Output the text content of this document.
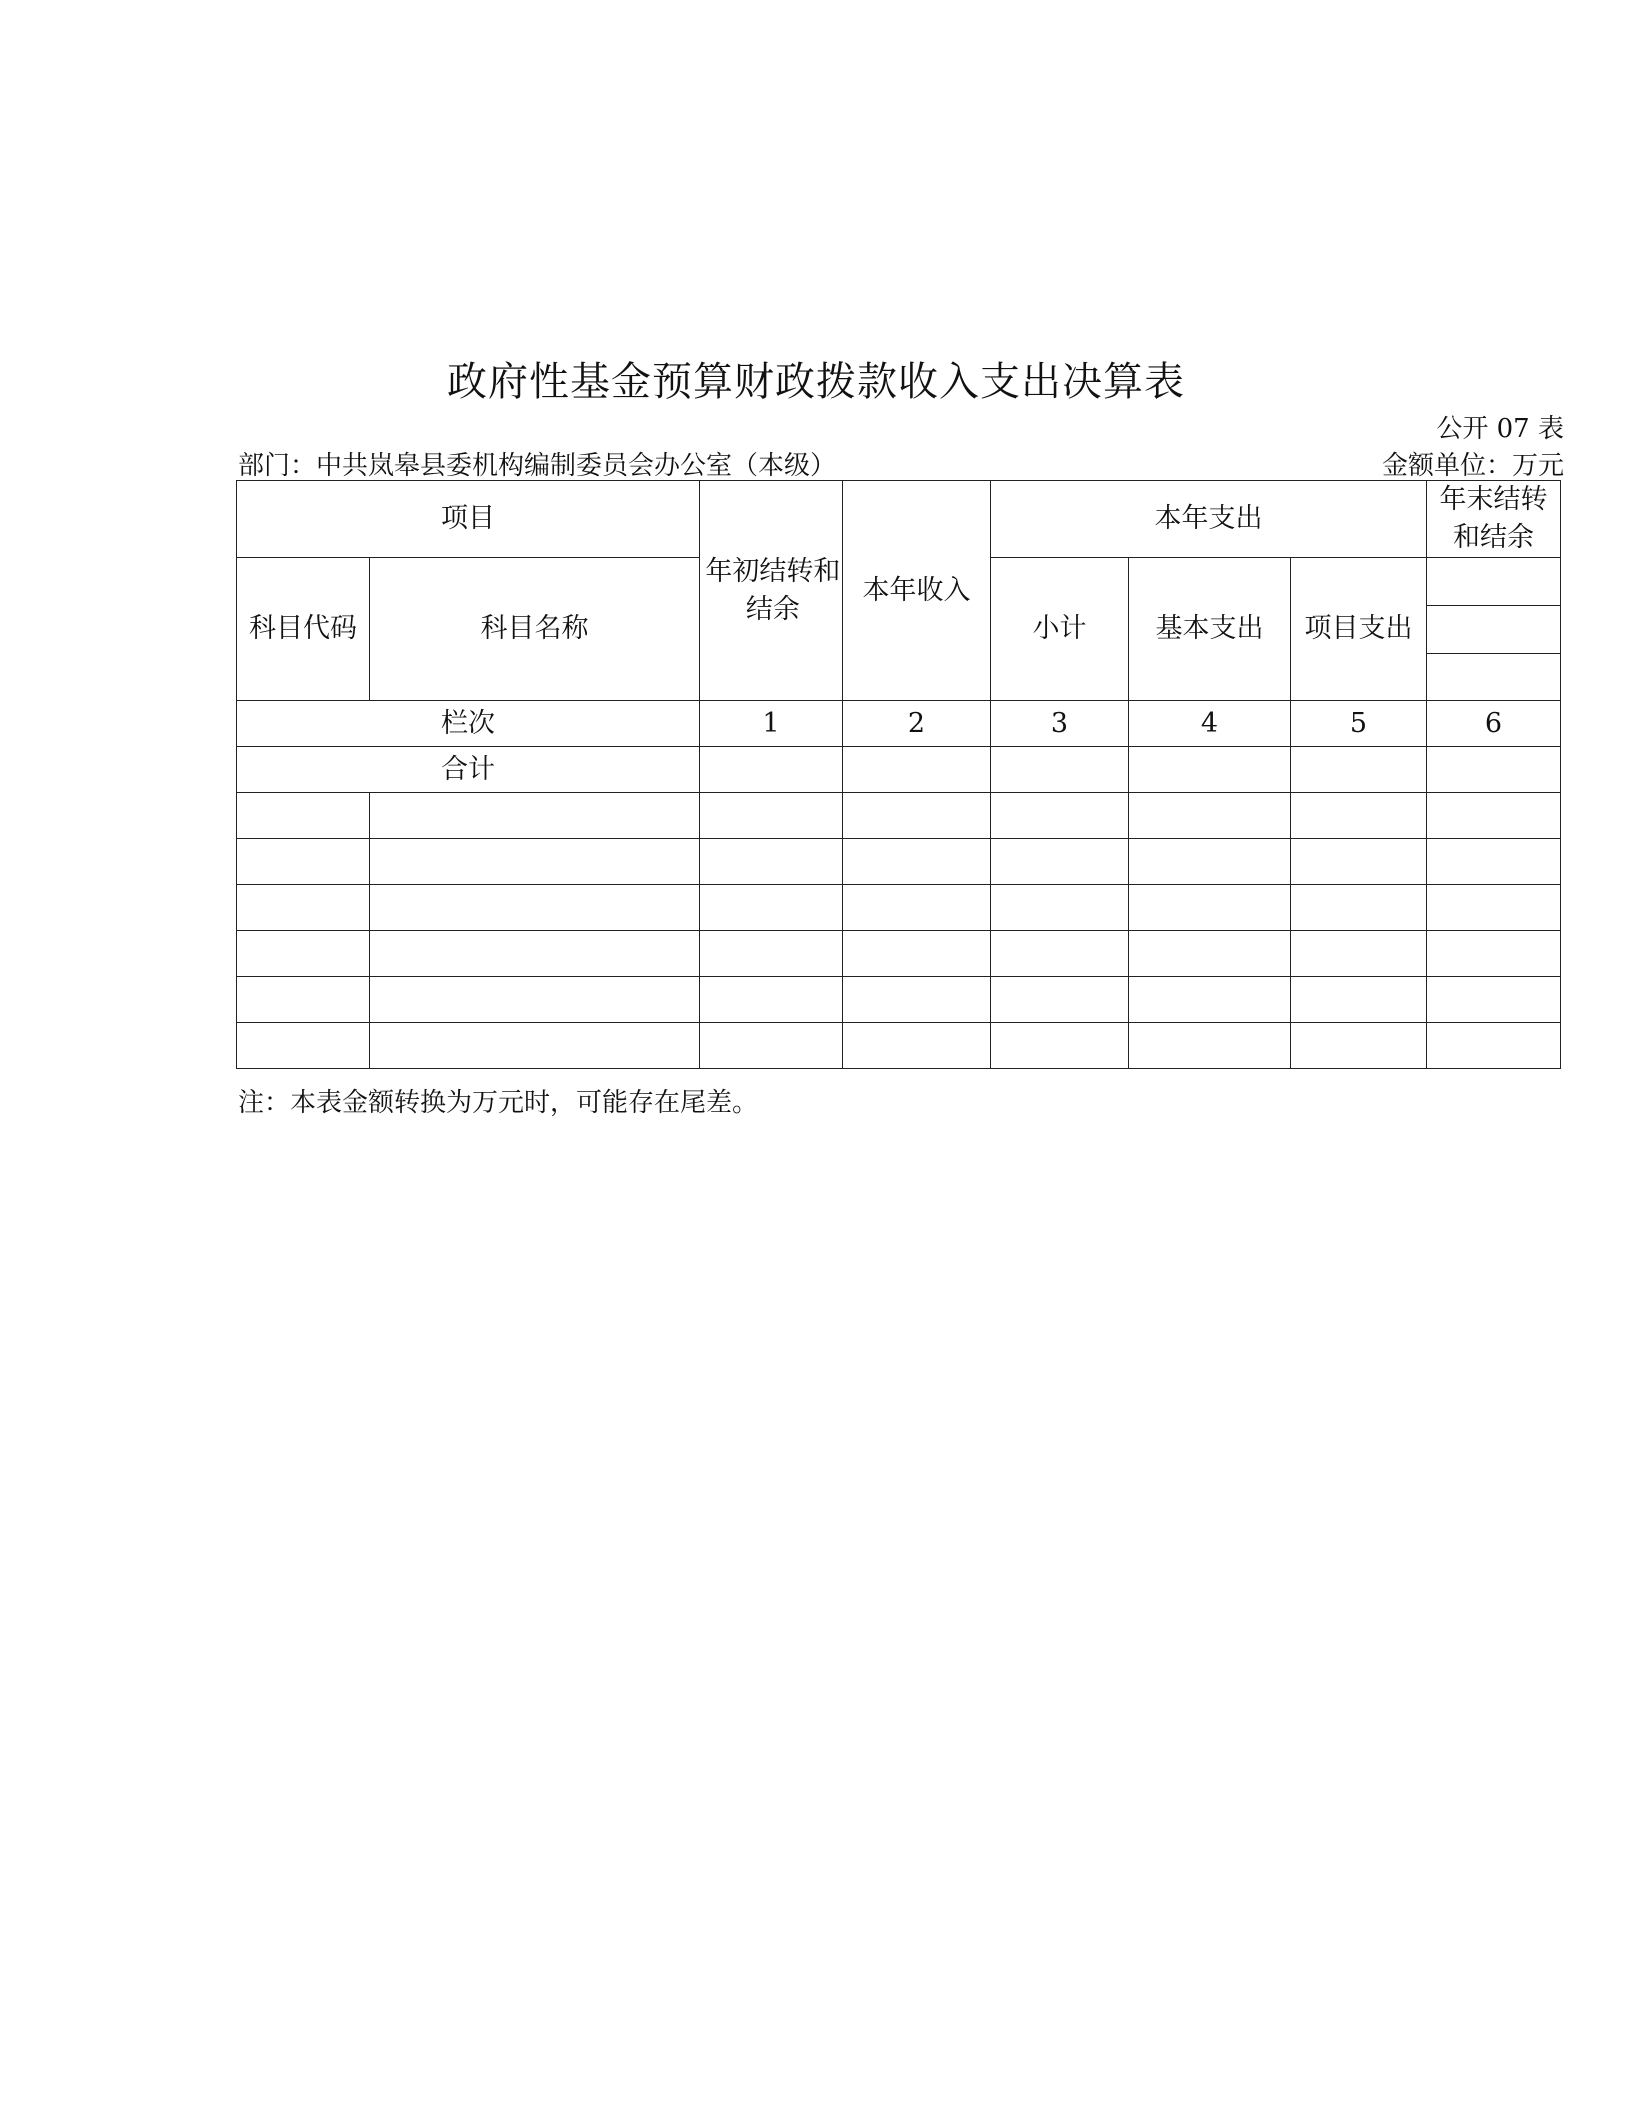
政府性基金预算财政拨款收入支出决算表
公开 07 表
部门：中共岚皋县委机构编制委员会办公室（本级）	金额单位：万元
项目		年初结转和结余	本年收入	本年支出			年末结转和结余

科目代码	科目名称			小计	基本支出	项目支出	

栏次		1	2	3	4	5	6
合计							

注：本表金额转换为万元时，可能存在尾差。
